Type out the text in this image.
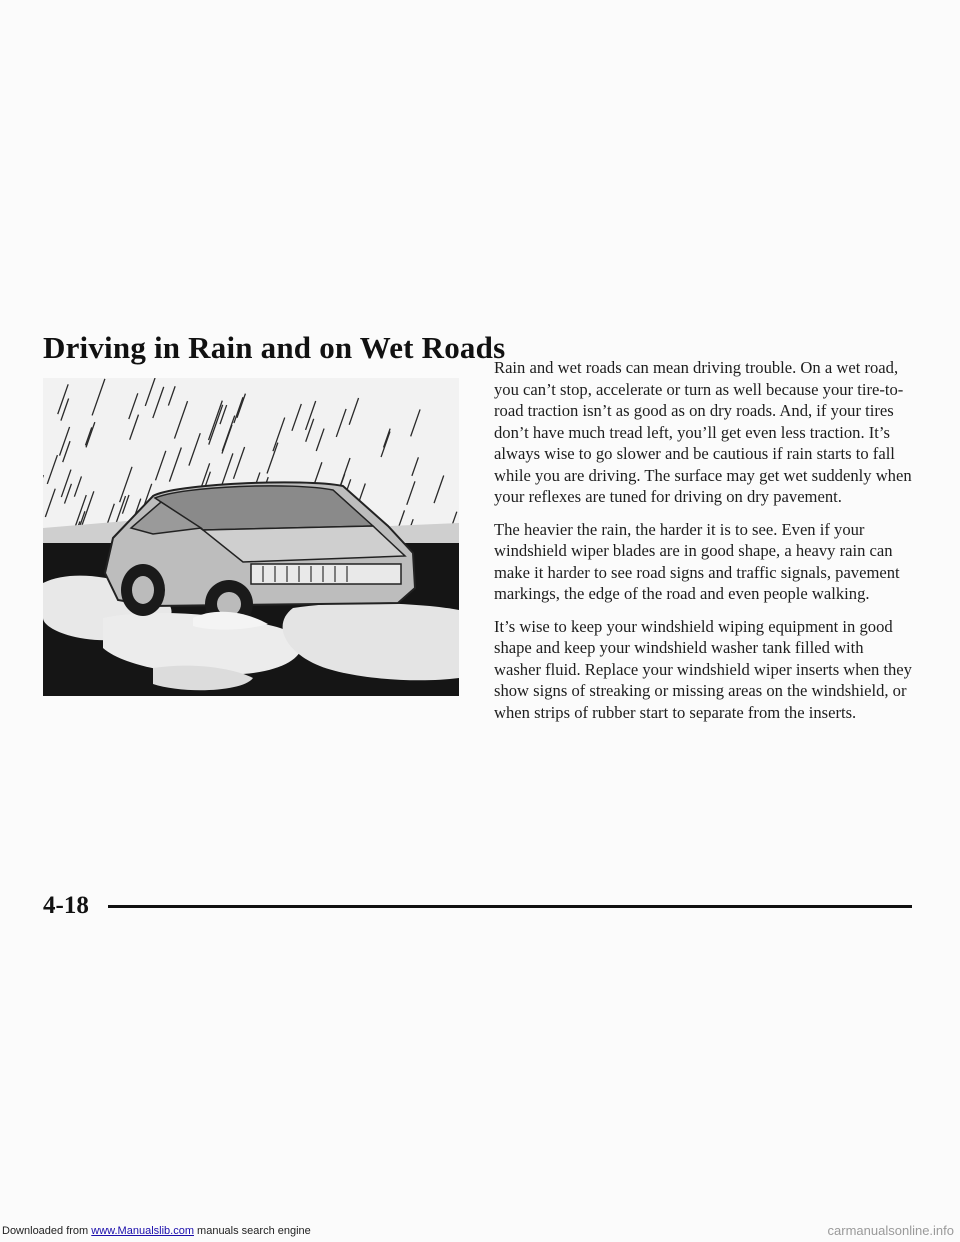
Driving in Rain and on Wet Roads

Rain and wet roads can mean driving trouble. On a wet road, you can’t stop, accelerate or turn as well because your tire-to-road traction isn’t as good as on dry roads. And, if your tires don’t have much tread left, you’ll get even less traction. It’s always wise to go slower and be cautious if rain starts to fall while you are driving. The surface may get wet suddenly when your reflexes are tuned for driving on dry pavement.

The heavier the rain, the harder it is to see. Even if your windshield wiper blades are in good shape, a heavy rain can make it harder to see road signs and traffic signals, pavement markings, the edge of the road and even people walking.

It’s wise to keep your windshield wiping equipment in good shape and keep your windshield washer tank filled with washer fluid. Replace your windshield wiper inserts when they show signs of streaking or missing areas on the windshield, or when strips of rubber start to separate from the inserts.

4-18
Downloaded from www.Manualslib.com manuals search engine	carmanualsonline.info
